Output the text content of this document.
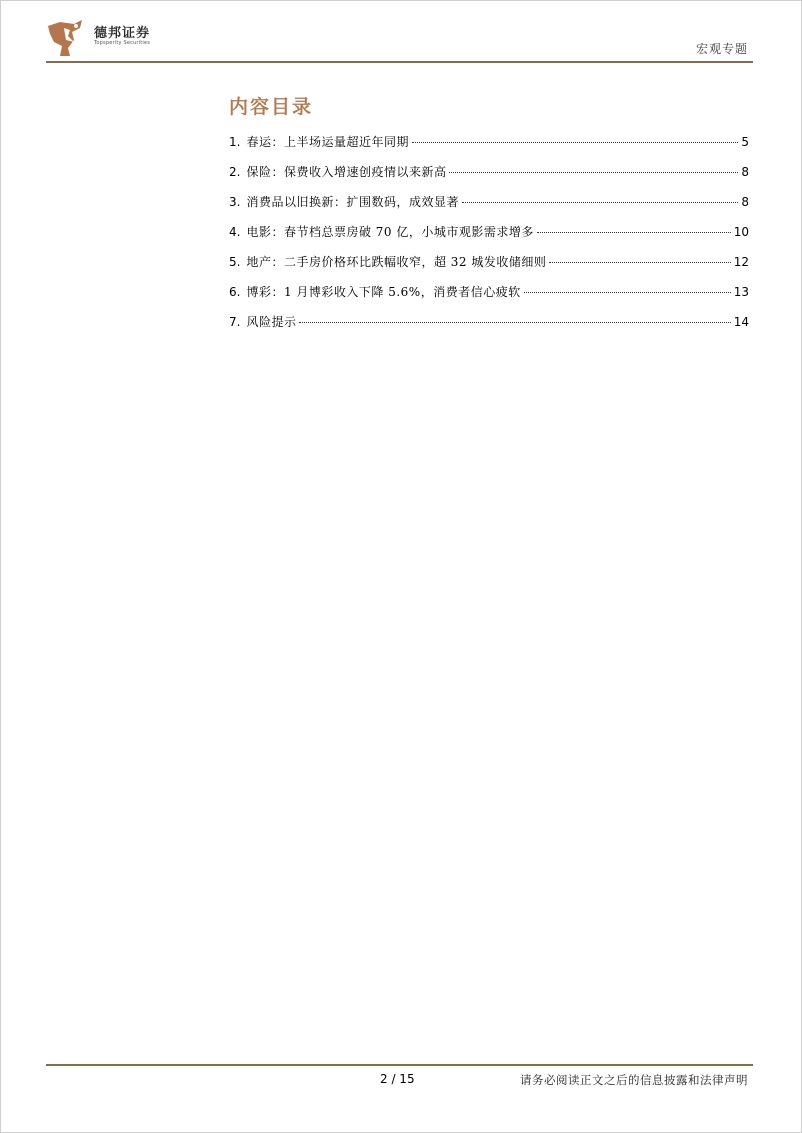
德邦证券
Topsperity Securities	宏观专题
内容目录
1. 春运：上半场运量超近年同期	5
2. 保险：保费收入增速创疫情以来新高	8
3. 消费品以旧换新：扩围数码，成效显著	8
4. 电影：春节档总票房破 70 亿，小城市观影需求增多	10
5. 地产：二手房价格环比跌幅收窄，超 32 城发收储细则	12
6. 博彩：1 月博彩收入下降 5.6%，消费者信心疲软	13
7. 风险提示	14
2 / 15	请务必阅读正文之后的信息披露和法律声明
